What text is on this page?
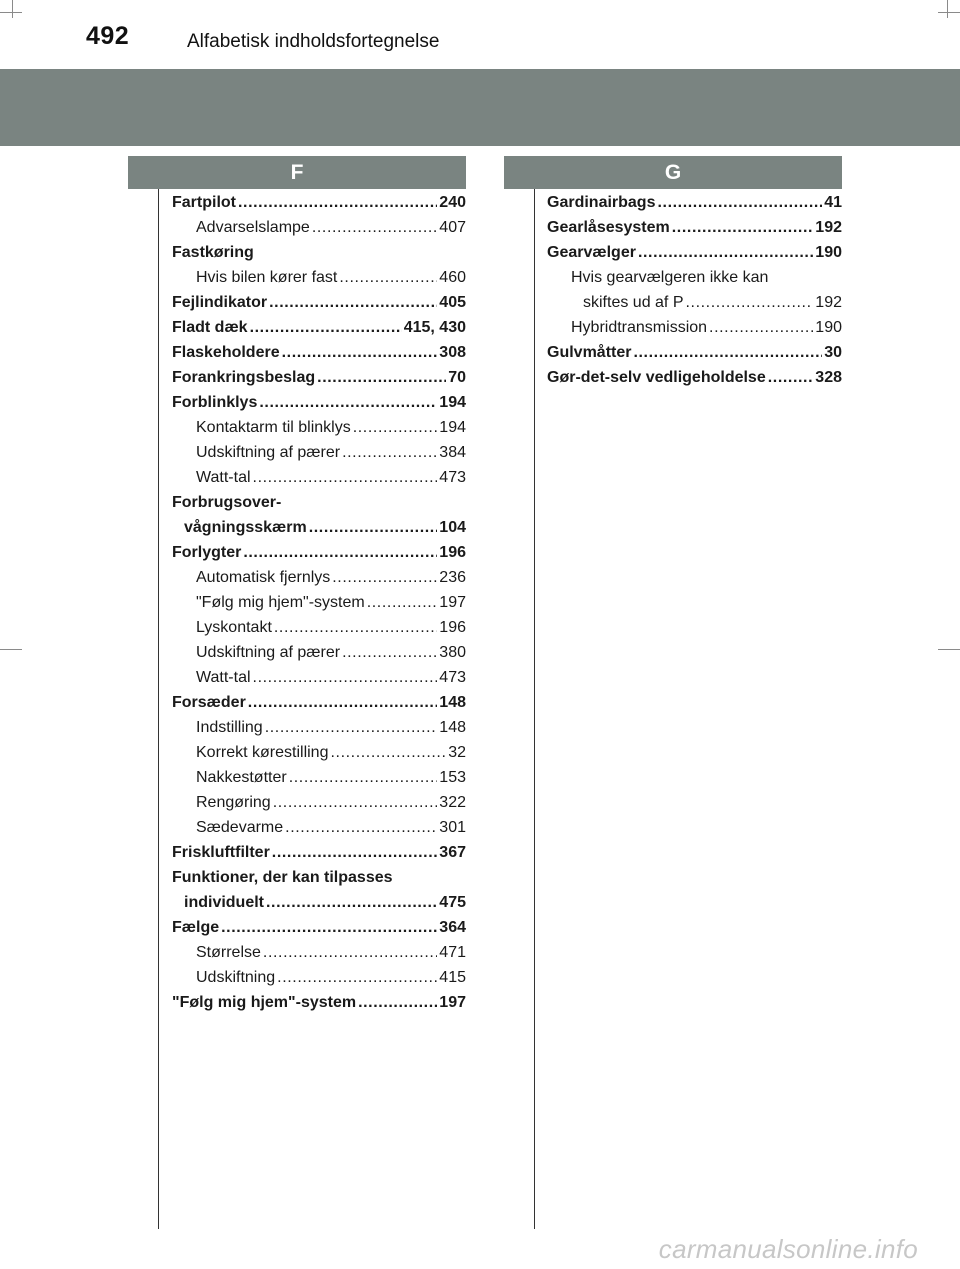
492	Alfabetisk indholdsfortegnelse
F	G
Fartpilot .....	240
Advarselslampe .....	407
Fastkøring
Hvis bilen kører fast .....	460
Fejlindikator .....	405
Fladt dæk .....	415, 430
Flaskeholdere .....	308
Forankringsbeslag .....	70
Forblinklys .....	194
Kontaktarm til blinklys .....	194
Udskiftning af pærer .....	384
Watt-tal .....	473
Forbrugsover-
vågningsskærm .....	104
Forlygter .....	196
Automatisk fjernlys .....	236
"Følg mig hjem"-system .....	197
Lyskontakt .....	196
Udskiftning af pærer .....	380
Watt-tal .....	473
Forsæder .....	148
Indstilling .....	148
Korrekt kørestilling .....	32
Nakkestøtter .....	153
Rengøring .....	322
Sædevarme .....	301
Friskluftfilter .....	367
Funktioner, der kan tilpasses
individuelt .....	475
Fælge .....	364
Størrelse .....	471
Udskiftning .....	415
"Følg mig hjem"-system .....	197
Gardinairbags .....	41
Gearlåsesystem .....	192
Gearvælger .....	190
Hvis gearvælgeren ikke kan
skiftes ud af P .....	192
Hybridtransmission .....	190
Gulvmåtter .....	30
Gør-det-selv vedligeholdelse .....	328
carmanualsonline.info
